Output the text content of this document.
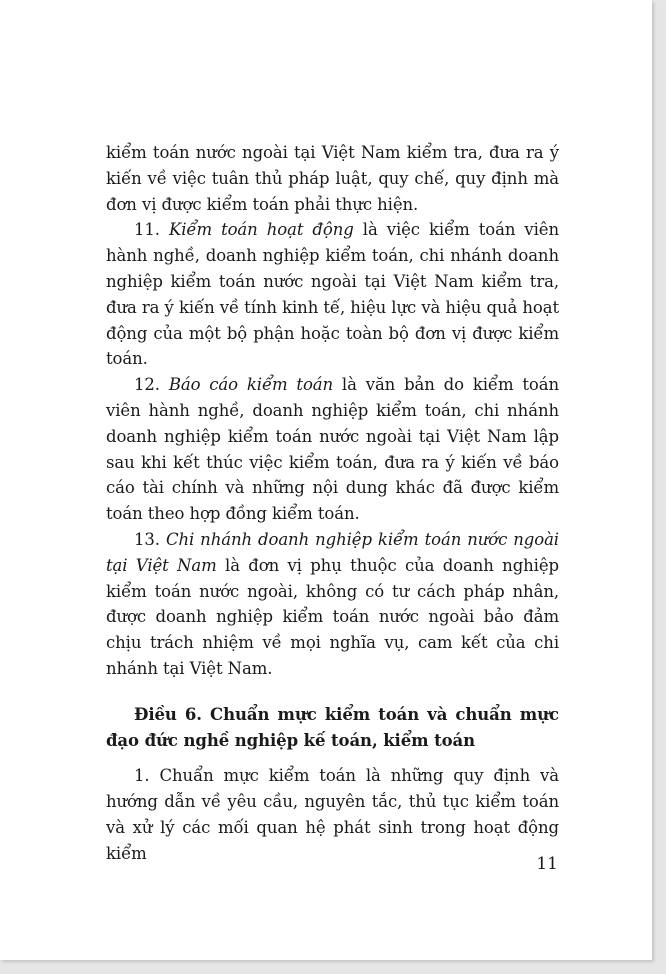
kiểm toán nước ngoài tại Việt Nam kiểm tra, đưa ra ý kiến về việc tuân thủ pháp luật, quy chế, quy định mà đơn vị được kiểm toán phải thực hiện.

11. Kiểm toán hoạt động là việc kiểm toán viên hành nghề, doanh nghiệp kiểm toán, chi nhánh doanh nghiệp kiểm toán nước ngoài tại Việt Nam kiểm tra, đưa ra ý kiến về tính kinh tế, hiệu lực và hiệu quả hoạt động của một bộ phận hoặc toàn bộ đơn vị được kiểm toán.

12. Báo cáo kiểm toán là văn bản do kiểm toán viên hành nghề, doanh nghiệp kiểm toán, chi nhánh doanh nghiệp kiểm toán nước ngoài tại Việt Nam lập sau khi kết thúc việc kiểm toán, đưa ra ý kiến về báo cáo tài chính và những nội dung khác đã được kiểm toán theo hợp đồng kiểm toán.

13. Chi nhánh doanh nghiệp kiểm toán nước ngoài tại Việt Nam là đơn vị phụ thuộc của doanh nghiệp kiểm toán nước ngoài, không có tư cách pháp nhân, được doanh nghiệp kiểm toán nước ngoài bảo đảm chịu trách nhiệm về mọi nghĩa vụ, cam kết của chi nhánh tại Việt Nam.

Điều 6. Chuẩn mực kiểm toán và chuẩn mực đạo đức nghề nghiệp kế toán, kiểm toán

1. Chuẩn mực kiểm toán là những quy định và hướng dẫn về yêu cầu, nguyên tắc, thủ tục kiểm toán và xử lý các mối quan hệ phát sinh trong hoạt động kiểm

11
